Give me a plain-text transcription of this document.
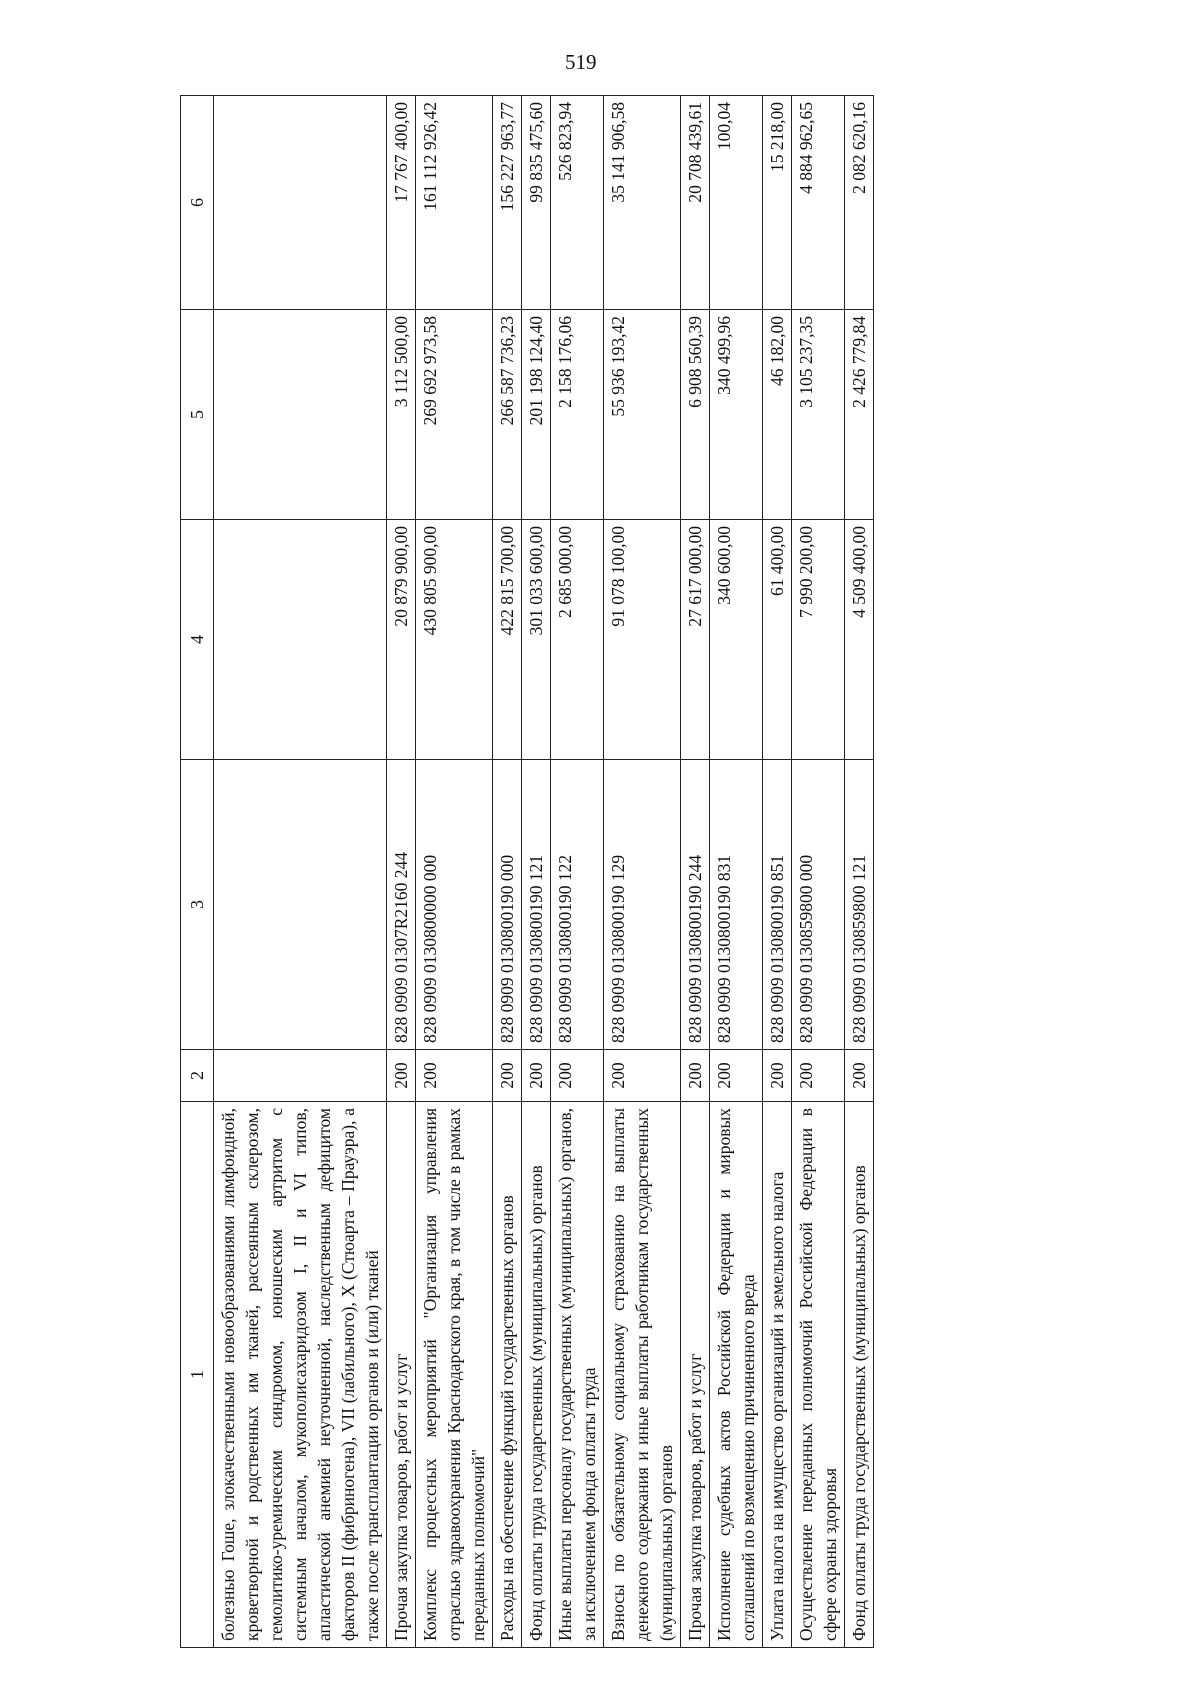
519
1	2	3	4	5	6
болезнью Гоше, злокачественными новообразованиями лимфоидной, кроветворной и родственных им тканей, рассеянным склерозом, гемолитико-уремическим синдромом, юношеским артритом с системным началом, мукополисахаридозом I, II и VI типов, апластической анемией неуточненной, наследственным дефицитом факторов II (фибриногена), VII (лабильного), X (Стюарта – Прауэра), а также после трансплантации органов и (или) тканей					
Прочая закупка товаров, работ и услуг	200	828 0909 01307R2160 244	20 879 900,00	3 112 500,00	17 767 400,00
Комплекс процессных мероприятий "Организация управления отраслью здравоохранения Краснодарского края, в том числе в рамках переданных полномочий"	200	828 0909 0130800000 000	430 805 900,00	269 692 973,58	161 112 926,42
Расходы на обеспечение функций государственных органов	200	828 0909 0130800190 000	422 815 700,00	266 587 736,23	156 227 963,77
Фонд оплаты труда государственных (муниципальных) органов	200	828 0909 0130800190 121	301 033 600,00	201 198 124,40	99 835 475,60
Иные выплаты персоналу государственных (муниципальных) органов, за исключением фонда оплаты труда	200	828 0909 0130800190 122	2 685 000,00	2 158 176,06	526 823,94
Взносы по обязательному социальному страхованию на выплаты денежного содержания и иные выплаты работникам государственных (муниципальных) органов	200	828 0909 0130800190 129	91 078 100,00	55 936 193,42	35 141 906,58
Прочая закупка товаров, работ и услуг	200	828 0909 0130800190 244	27 617 000,00	6 908 560,39	20 708 439,61
Исполнение судебных актов Российской Федерации и мировых соглашений по возмещению причиненного вреда	200	828 0909 0130800190 831	340 600,00	340 499,96	100,04
Уплата налога на имущество организаций и земельного налога	200	828 0909 0130800190 851	61 400,00	46 182,00	15 218,00
Осуществление переданных полномочий Российской Федерации в сфере охраны здоровья	200	828 0909 0130859800 000	7 990 200,00	3 105 237,35	4 884 962,65
Фонд оплаты труда государственных (муниципальных) органов	200	828 0909 0130859800 121	4 509 400,00	2 426 779,84	2 082 620,16
